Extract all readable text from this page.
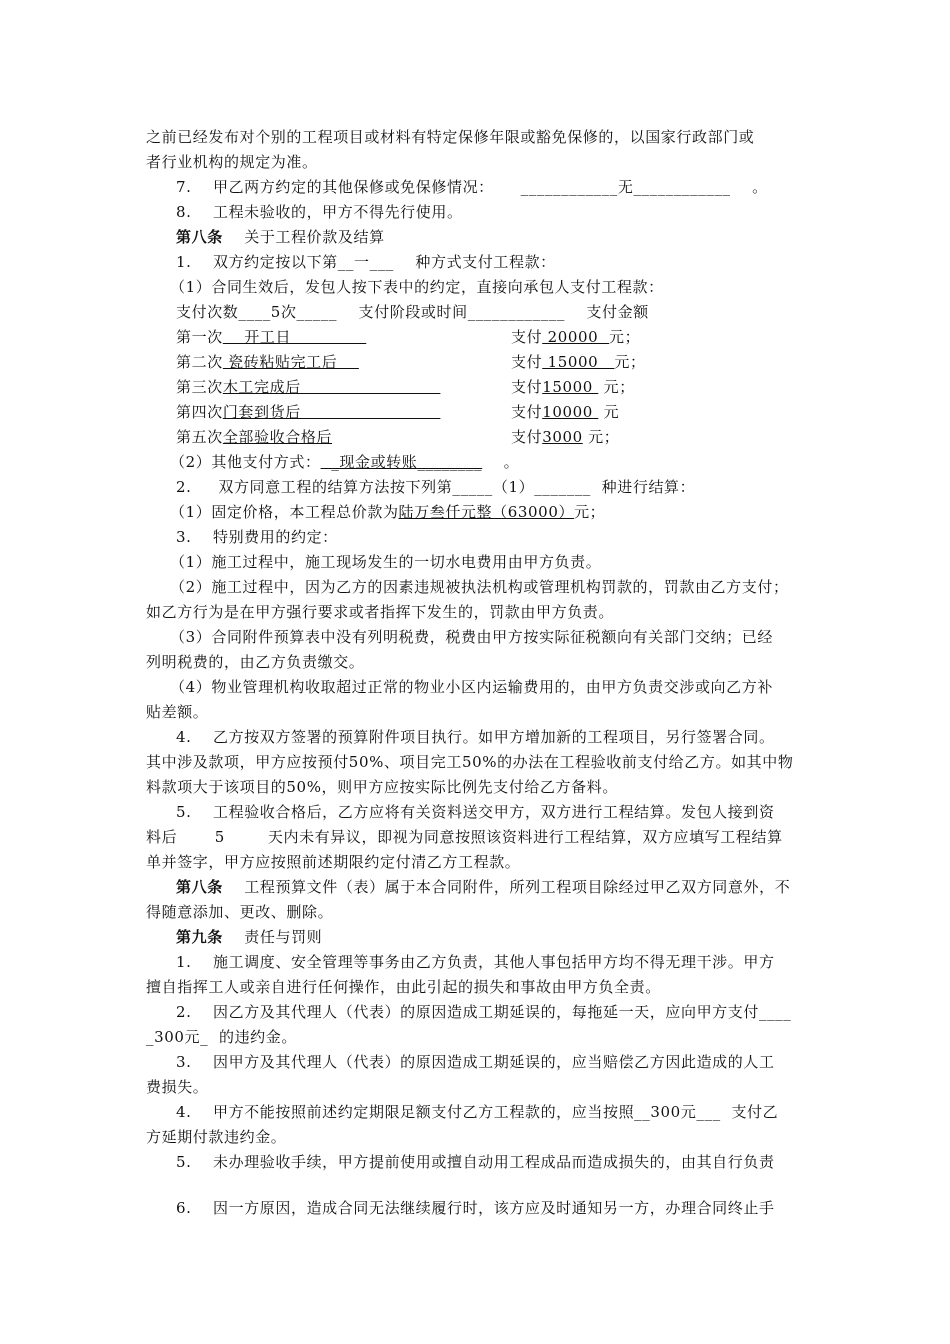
之前已经发布对个别的工程项目或材料有特定保修年限或豁免保修的，以国家行政部门或
者行业机构的规定为准。
7.    甲乙两方约定的其他保修或免保修情况：     ____________无____________    。
8.    工程未验收的，甲方不得先行使用。
第八条    关于工程价款及结算
1.    双方约定按以下第__一___    种方式支付工程款：
（1）合同生效后，发包人按下表中的约定，直接向承包人支付工程款：
支付次数____5次_____    支付阶段或时间____________    支付金额
第一次    开工日	支付 20000  元；
第二次 瓷砖粘贴完工后	支付 15000   元；
第三次木工完成后	支付15000  元；
第四次门套到货后	支付10000  元
第五次全部验收合格后	支付3000 元；
（2）其他支付方式：  _现金或转账________    。
2.     双方同意工程的结算方法按下列第_____（1）_______  种进行结算：
（1）固定价格，本工程总价款为陆万叁仟元整（63000）元；
3.    特别费用的约定：
（1）施工过程中，施工现场发生的一切水电费用由甲方负责。
（2）施工过程中，因为乙方的因素违规被执法机构或管理机构罚款的，罚款由乙方支付；
如乙方行为是在甲方强行要求或者指挥下发生的，罚款由甲方负责。
（3）合同附件预算表中没有列明税费，税费由甲方按实际征税额向有关部门交纳；已经
列明税费的，由乙方负责缴交。
（4）物业管理机构收取超过正常的物业小区内运输费用的，由甲方负责交涉或向乙方补
贴差额。
4.    乙方按双方签署的预算附件项目执行。如甲方增加新的工程项目，另行签署合同。
其中涉及款项，甲方应按预付50%、项目完工50%的办法在工程验收前支付给乙方。如其中物
料款项大于该项目的50%，则甲方应按实际比例先支付给乙方备料。
5.    工程验收合格后，乙方应将有关资料送交甲方，双方进行工程结算。发包人接到资
料后       5        天内未有异议，即视为同意按照该资料进行工程结算，双方应填写工程结算
单并签字，甲方应按照前述期限约定付清乙方工程款。
第八条    工程预算文件（表）属于本合同附件，所列工程项目除经过甲乙双方同意外，不
得随意添加、更改、删除。
第九条    责任与罚则
1.    施工调度、安全管理等事务由乙方负责，其他人事包括甲方均不得无理干涉。甲方
擅自指挥工人或亲自进行任何操作，由此引起的损失和事故由甲方负全责。
2.    因乙方及其代理人（代表）的原因造成工期延误的，每拖延一天，应向甲方支付____
_300元_  的违约金。
3.    因甲方及其代理人（代表）的原因造成工期延误的，应当赔偿乙方因此造成的人工
费损失。
4.    甲方不能按照前述约定期限足额支付乙方工程款的，应当按照__300元___  支付乙
方延期付款违约金。
5.    未办理验收手续，甲方提前使用或擅自动用工程成品而造成损失的，由其自行负责
6.    因一方原因，造成合同无法继续履行时，该方应及时通知另一方，办理合同终止手
